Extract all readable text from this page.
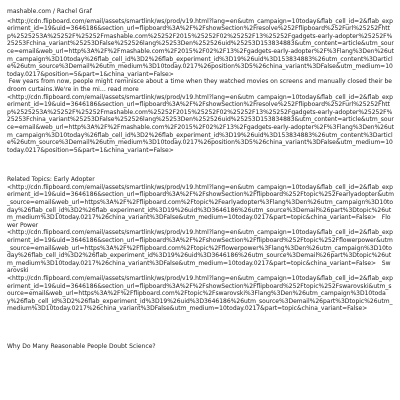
mashable.com / Rachel Graf

<http://cdn.flipboard.com/email/assets/smartlink/ws/prod/v19.html?lang=en&utm_campaign=10today&flab_cell_id=2&flab_experiment_id=19&uid=3646186&section_url=flipboard%3A%2F%2FshowSection%2Fresolve%252Fflipboard%252Furl%25252Fhttp%2525253A%25252F%25252Fmashable.com%25252F2015%25252F02%25252F13%25252Fgadgets-early-adopter%25252F%25253Fchina_variant%25253DFalse%252526lang%25253Den%252526uid%25253D153834883&utm_content=article&utm_source=email&web_url=http%3A%2F%2Fmashable.com%2F2015%2F02%2F13%2Fgadgets-early-adopter%2F%3Flang%3Den%26utm_campaign%3D10today%26flab_cell_id%3D2%26flab_experiment_id%3D19%26uid%3D153834883%26utm_content%3Darticle%26utm_source%3Demail%26utm_medium%3D10today.0217%26position%3D5%26china_variant%3DFalse&utm_medium=10today.0217&position=5&part=1&china_variant=False>

Few years from now, people might reminisce about a time when they watched movies on screens and manually closed their bedroom curtains.We're in the mi… read more

<http://cdn.flipboard.com/email/assets/smartlink/ws/prod/v19.html?lang=en&utm_campaign=10today&flab_cell_id=2&flab_experiment_id=19&uid=3646186&section_url=flipboard%3A%2F%2FshowSection%2Fresolve%252Fflipboard%252Furl%25252Fhttp%2525253A%25252F%25252Fmashable.com%25252F2015%25252F02%25252F13%25252Fgadgets-early-adopter%25252F%25253Fchina_variant%25253DFalse%252526lang%25253Den%252526uid%25253D153834883&utm_content=article&utm_source=email&web_url=http%3A%2F%2Fmashable.com%2F2015%2F02%2F13%2Fgadgets-early-adopter%2F%3Flang%3Den%26utm_campaign%3D10today%26flab_cell_id%3D2%26flab_experiment_id%3D19%26uid%3D153834883%26utm_content%3Darticle%26utm_source%3Demail%26utm_medium%3D10today.0217%26position%3D5%26china_variant%3DFalse&utm_medium=10today.0217&position=5&part=1&china_variant=False>

Related Topics: Early Adopter

<http://cdn.flipboard.com/email/assets/smartlink/ws/prod/v19.html?lang=en&utm_campaign=10today&flab_cell_id=2&flab_experiment_id=19&uid=3646186&section_url=flipboard%3A%2F%2FshowSection%2Fflipboard%252Ftopic%252Fearlyadopter&utm_source=email&web_url=https%3A%2F%2Fflipboard.com%2Ftopic%2Fearlyadopter%3Flang%3Den%26utm_campaign%3D10today%26flab_cell_id%3D2%26flab_experiment_id%3D19%26uid%3D3646186%26utm_source%3Demail%26part%3Dtopic%26utm_medium%3D10today.0217%26china_variant%3DFalse&utm_medium=10today.0217&part=topic&china_variant=False>   Flower Power
<http://cdn.flipboard.com/email/assets/smartlink/ws/prod/v19.html?lang=en&utm_campaign=10today&flab_cell_id=2&flab_experiment_id=19&uid=3646186&section_url=flipboard%3A%2F%2FshowSection%2Fflipboard%252Ftopic%252Fflowerpower&utm_source=email&web_url=https%3A%2F%2Fflipboard.com%2Ftopic%2Fflowerpower%3Flang%3Den%26utm_campaign%3D10today%26flab_cell_id%3D2%26flab_experiment_id%3D19%26uid%3D3646186%26utm_source%3Demail%26part%3Dtopic%26utm_medium%3D10today.0217%26china_variant%3DFalse&utm_medium=10today.0217&part=topic&china_variant=False>   Swarovski
<http://cdn.flipboard.com/email/assets/smartlink/ws/prod/v19.html?lang=en&utm_campaign=10today&flab_cell_id=2&flab_experiment_id=19&uid=3646186&section_url=flipboard%3A%2F%2FshowSection%2Fflipboard%252Ftopic%252Fswarovski&utm_source=email&web_url=https%3A%2F%2Fflipboard.com%2Ftopic%2Fswarovski%3Flang%3Den%26utm_campaign%3D10today%26flab_cell_id%3D2%26flab_experiment_id%3D19%26uid%3D3646186%26utm_source%3Demail%26part%3Dtopic%26utm_medium%3D10today.0217%26china_variant%3DFalse&utm_medium=10today.0217&part=topic&china_variant=False>

Why Do Many Reasonable People Doubt Science?
